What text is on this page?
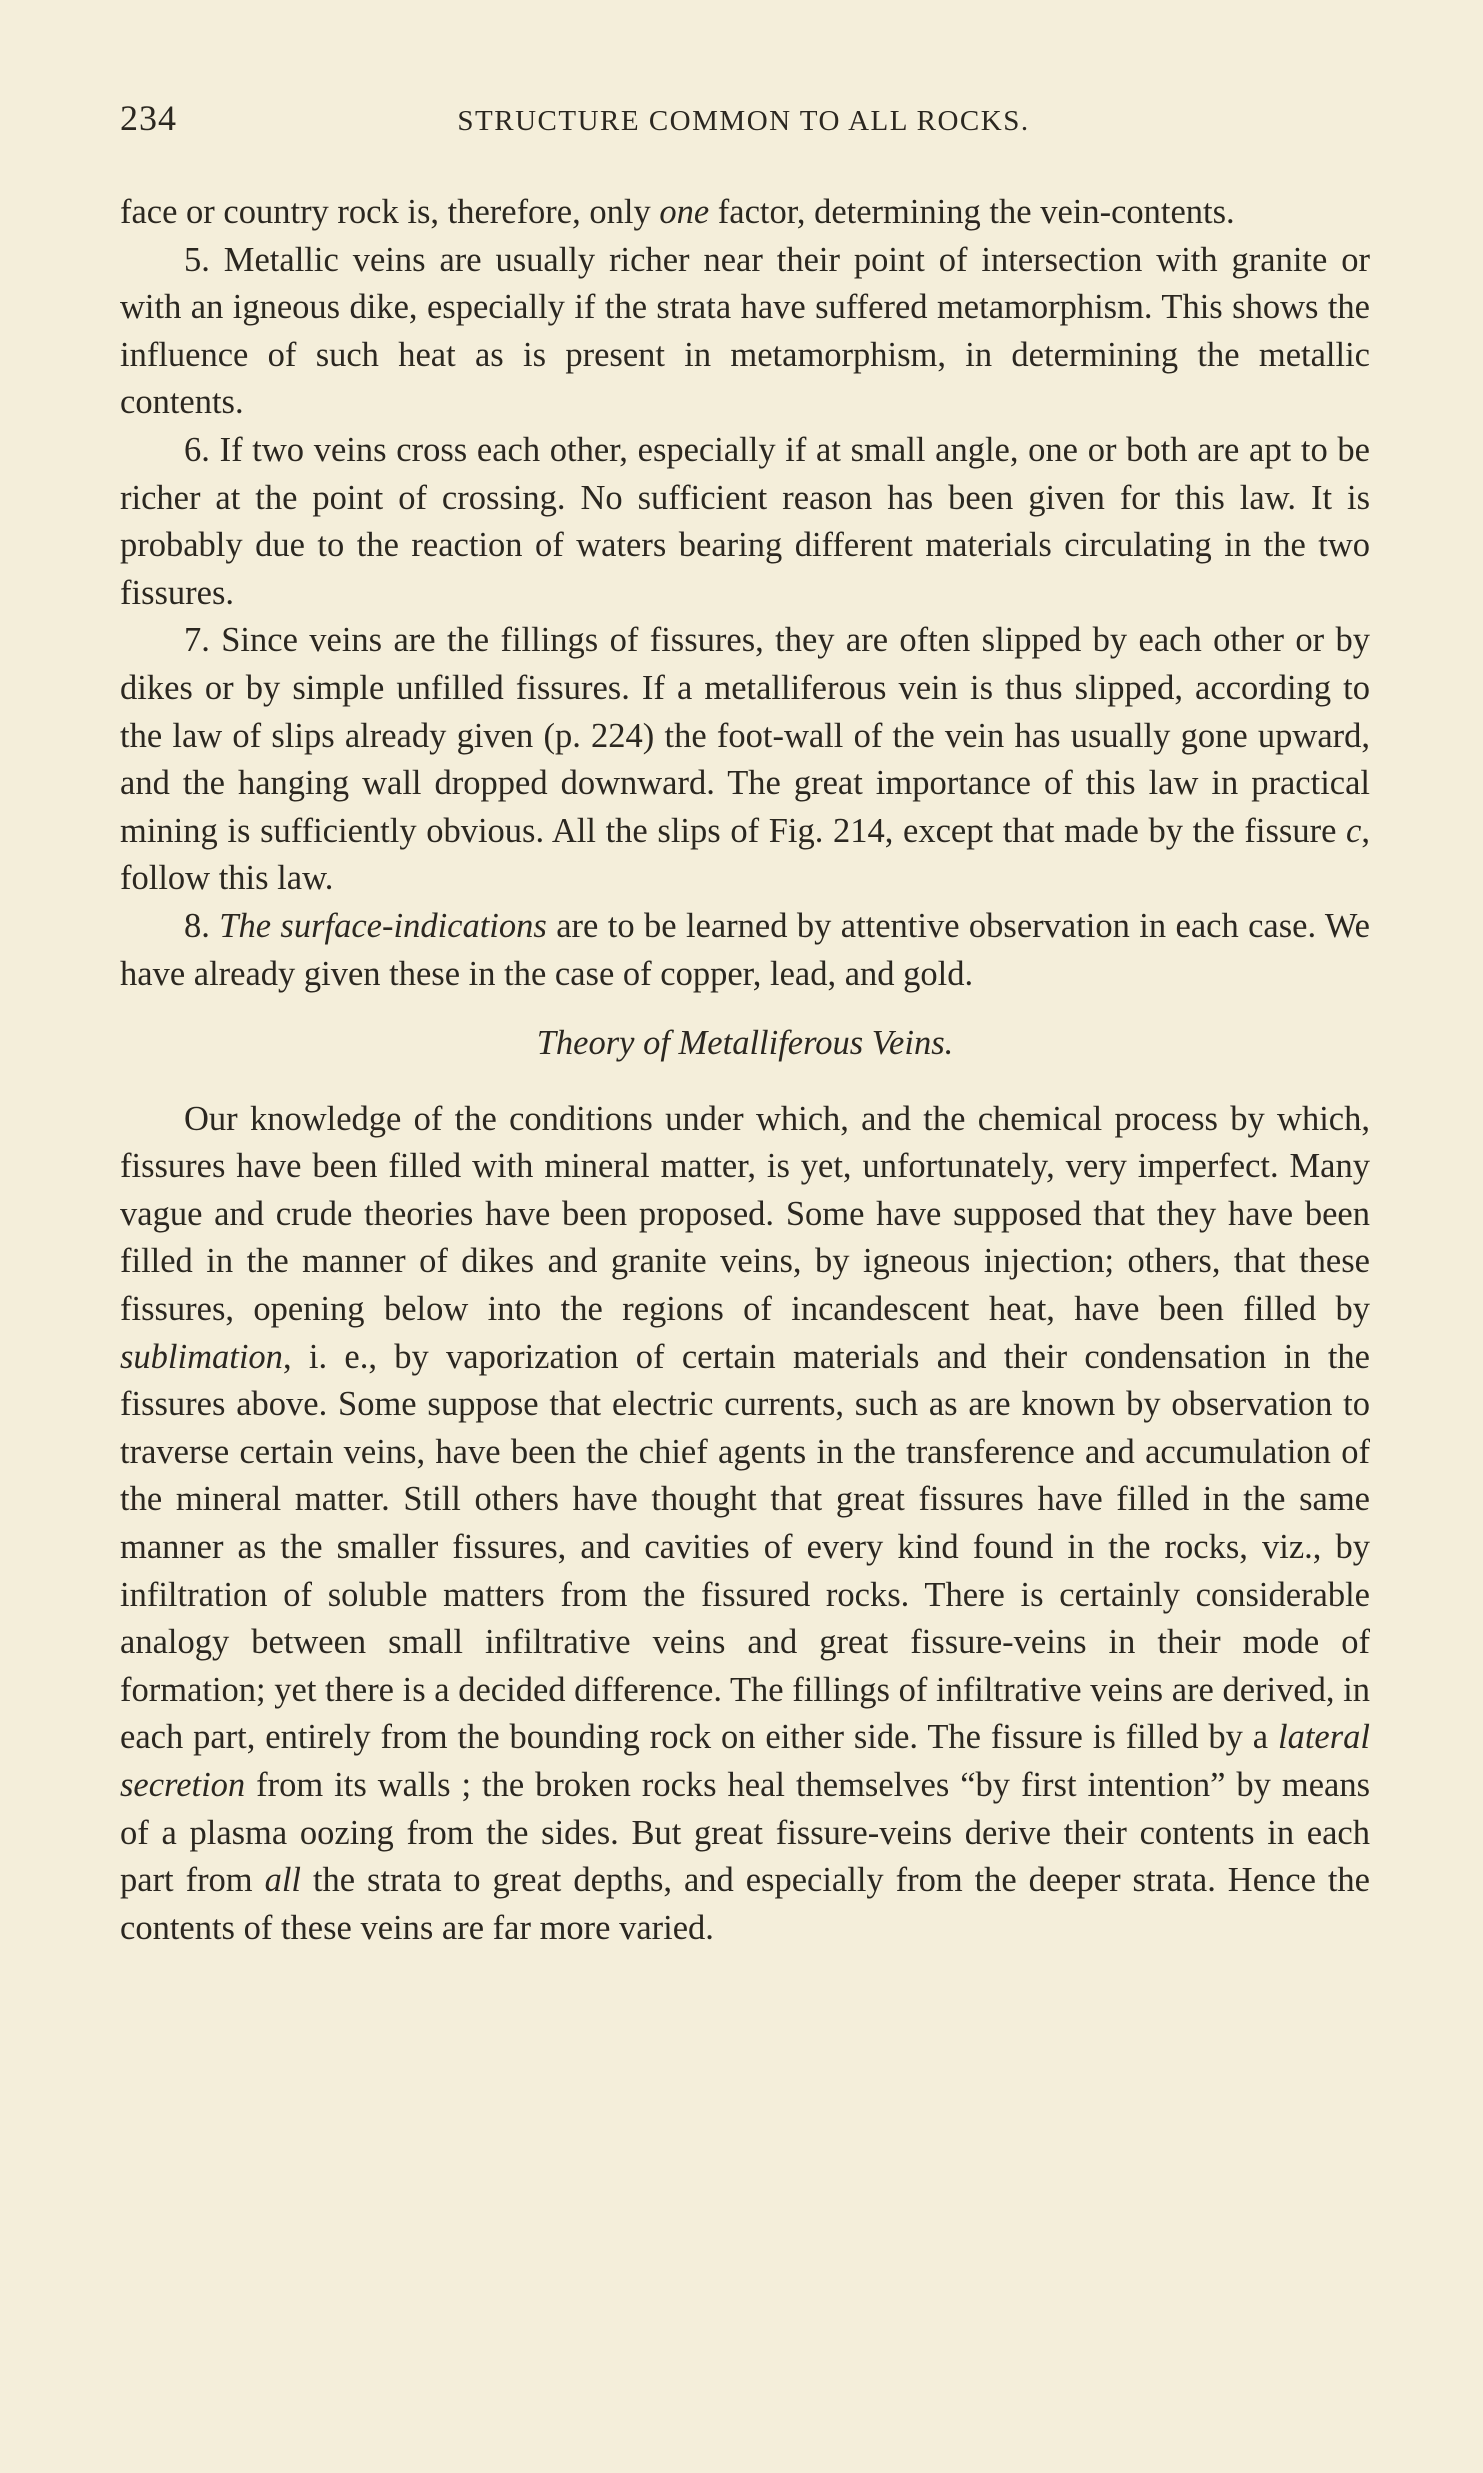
234	STRUCTURE COMMON TO ALL ROCKS.

face or country rock is, therefore, only one factor, determining the vein-contents.

5. Metallic veins are usually richer near their point of intersection with granite or with an igneous dike, especially if the strata have suffered metamorphism. This shows the influence of such heat as is present in metamorphism, in determining the metallic contents.

6. If two veins cross each other, especially if at small angle, one or both are apt to be richer at the point of crossing. No sufficient reason has been given for this law. It is probably due to the reaction of waters bearing different materials circulating in the two fissures.

7. Since veins are the fillings of fissures, they are often slipped by each other or by dikes or by simple unfilled fissures. If a metalliferous vein is thus slipped, according to the law of slips already given (p. 224) the foot-wall of the vein has usually gone upward, and the hanging wall dropped downward. The great importance of this law in practical mining is sufficiently obvious. All the slips of Fig. 214, except that made by the fissure c, follow this law.

8. The surface-indications are to be learned by attentive observation in each case. We have already given these in the case of copper, lead, and gold.

Theory of Metalliferous Veins.

Our knowledge of the conditions under which, and the chemical process by which, fissures have been filled with mineral matter, is yet, unfortunately, very imperfect. Many vague and crude theories have been proposed. Some have supposed that they have been filled in the manner of dikes and granite veins, by igneous injection; others, that these fissures, opening below into the regions of incandescent heat, have been filled by sublimation, i. e., by vaporization of certain materials and their condensation in the fissures above. Some suppose that electric currents, such as are known by observation to traverse certain veins, have been the chief agents in the transference and accumulation of the mineral matter. Still others have thought that great fissures have filled in the same manner as the smaller fissures, and cavities of every kind found in the rocks, viz., by infiltration of soluble matters from the fissured rocks. There is certainly considerable analogy between small infiltrative veins and great fissure-veins in their mode of formation; yet there is a decided difference. The fillings of infiltrative veins are derived, in each part, entirely from the bounding rock on either side. The fissure is filled by a lateral secretion from its walls ; the broken rocks heal themselves “by first intention” by means of a plasma oozing from the sides. But great fissure-veins derive their contents in each part from all the strata to great depths, and especially from the deeper strata. Hence the contents of these veins are far more varied.
